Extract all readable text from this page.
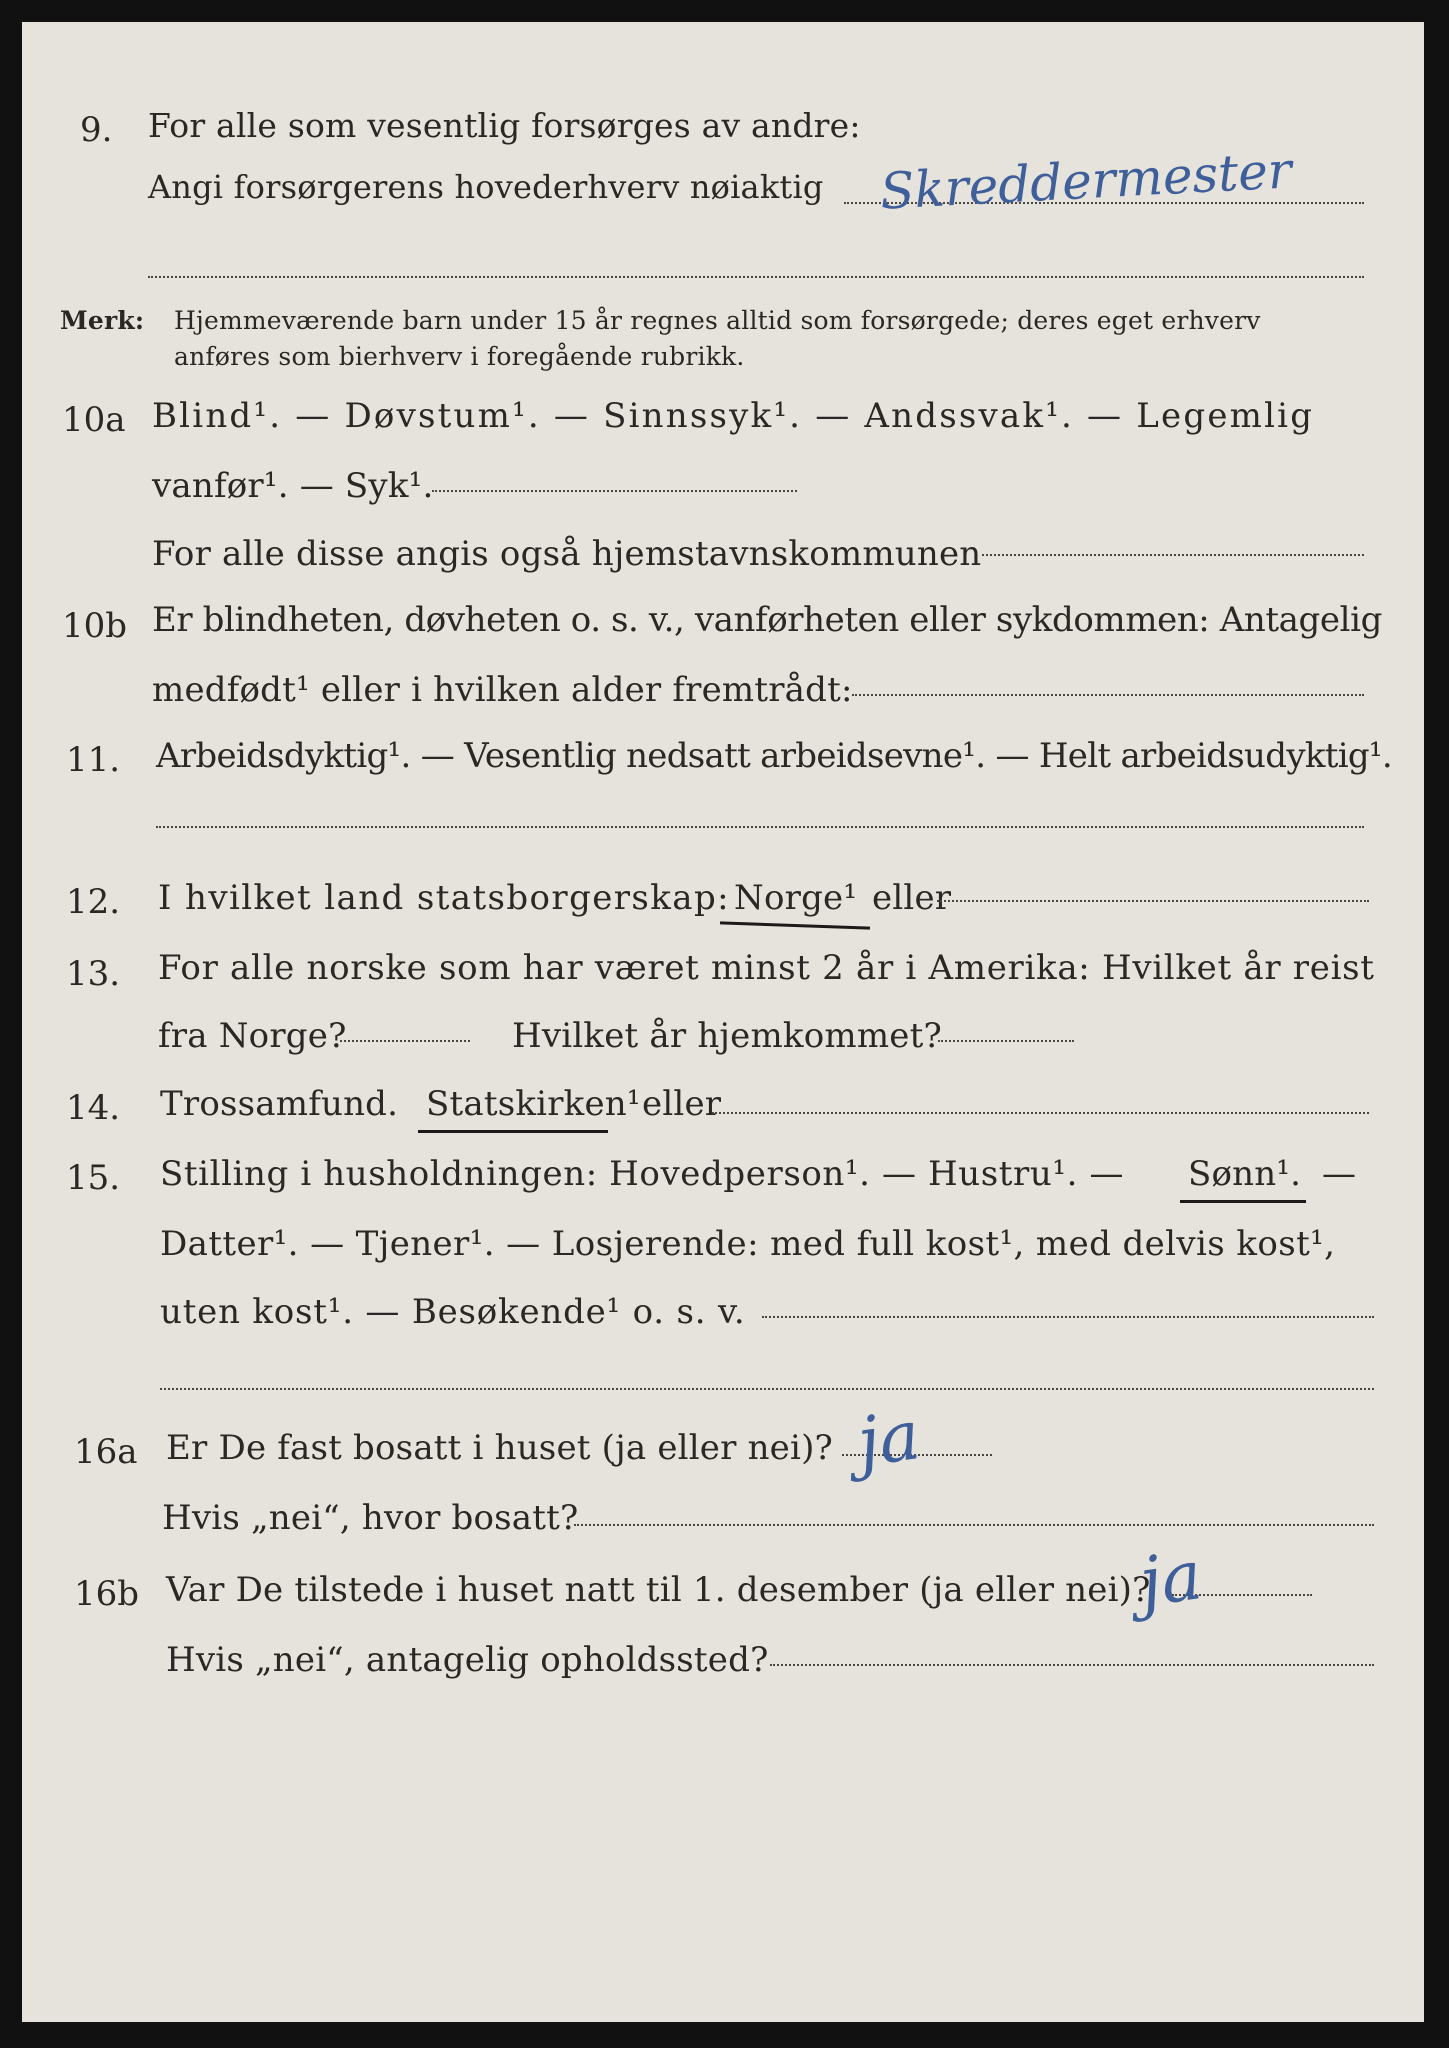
9. For alle som vesentlig forsørges av andre:
Angi forsørgerens hovederhverv nøiaktig Skreddermester
Merk: Hjemmeværende barn under 15 år regnes alltid som forsørgede; deres eget erhverv
anføres som bierhverv i foregående rubrikk.
10a Blind¹. — Døvstum¹. — Sinnssyk¹. — Andssvak¹. — Legemlig
vanfør¹. — Syk¹.
For alle disse angis også hjemstavnskommunen
10b Er blindheten, døvheten o. s. v., vanførheten eller sykdommen: Antagelig
medfødt¹ eller i hvilken alder fremtrådt:
11. Arbeidsdyktig¹. — Vesentlig nedsatt arbeidsevne¹. — Helt arbeidsudyktig¹.
12. I hvilket land statsborgerskap: Norge¹ eller
13. For alle norske som har været minst 2 år i Amerika: Hvilket år reist
fra Norge?	Hvilket år hjemkommet?
14. Trossamfund. Statskirken¹ eller
15. Stilling i husholdningen: Hovedperson¹. — Hustru¹. — Sønn¹. —
Datter¹. — Tjener¹. — Losjerende: med full kost¹, med delvis kost¹,
uten kost¹. — Besøkende¹ o. s. v.
16a Er De fast bosatt i huset (ja eller nei)? ja
Hvis „nei“, hvor bosatt?
16b Var De tilstede i huset natt til 1. desember (ja eller nei)?
ja
Hvis „nei“, antagelig opholdssted?
